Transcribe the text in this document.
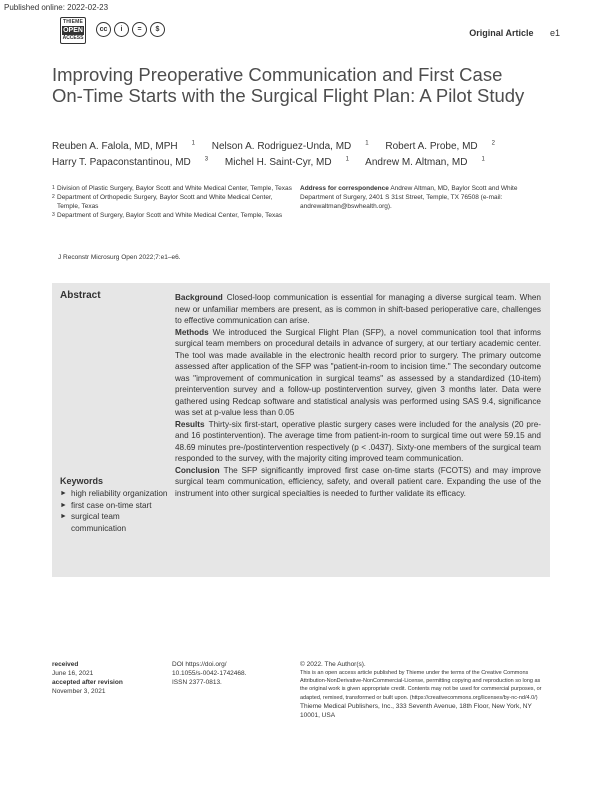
Published online: 2022-02-23
THIEME
OPEN
ACCESS
cc	i	=	$	Original Article e1
Improving Preoperative Communication and First Case On-Time Starts with the Surgical Flight Plan: A Pilot Study
Reuben A. Falola, MD, MPH $^1$ Nelson A. Rodriguez-Unda, MD $^1$ Robert A. Probe, MD $^2$
Harry T. Papaconstantinou, MD $^3$ Michel H. Saint-Cyr, MD $^1$ Andrew M. Altman, MD $^1$
1 Division of Plastic Surgery, Baylor Scott and White Medical Center, Temple, Texas
2 Department of Orthopedic Surgery, Baylor Scott and White Medical Center, Temple, Texas
3 Department of Surgery, Baylor Scott and White Medical Center, Temple, Texas
Address for correspondence Andrew Altman, MD, Baylor Scott and White Department of Surgery, 2401 S 31st Street, Temple, TX 76508 (e-mail: andrewaltman@bswhealth.org).
J Reconstr Microsurg Open 2022;7:e1–e6.
Abstract	Background Closed-loop communication is essential for managing a diverse surgical team. When new or unfamiliar members are present, as is common in shift-based perioperative care, challenges to effective communication can arise.

Methods We introduced the Surgical Flight Plan (SFP), a novel communication tool that informs surgical team members on procedural details in advance of surgery, at our tertiary academic center. The tool was made available in the electronic health record prior to surgery. The primary outcome assessed after application of the SFP was "patient-in-room to incision time." The secondary outcome was "improvement of communication in surgical teams" as assessed by a standardized (10-item) preintervention survey and a follow-up postintervention survey, given 3 months later. Data were gathered using Redcap software and statistical analysis was performed using SAS 9.4, significance was set at p-value less than 0.05

Results Thirty-six first-start, operative plastic surgery cases were included for the analysis (20 pre- and 16 postintervention). The average time from patient-in-room to surgical time out were 59.15 and 48.69 minutes pre-/postintervention respectively (p < .0437). Sixty-one members of the surgical team responded to the survey, with the majority citing improved team communication.

Conclusion The SFP significantly improved first case on-time starts (FCOTS) and may improve surgical team communication, efficiency, safety, and overall patient care. Expanding the use of the instrument into other surgical specialties is needed to further validate its efficacy.

Keywords
► high reliability organization
► first case on-time start
► surgical team communication
received
June 16, 2021
accepted after revision
November 3, 2021
DOI https://doi.org/
10.1055/s-0042-1742468.
ISSN 2377-0813.
© 2022. The Author(s).
This is an open access article published by Thieme under the terms of the Creative Commons Attribution-NonDerivative-NonCommercial-License, permitting copying and reproduction so long as the original work is given appropriate credit. Contents may not be used for commercial purposes, or adapted, remixed, transformed or built upon. (https://creativecommons.org/licenses/by-nc-nd/4.0/)
Thieme Medical Publishers, Inc., 333 Seventh Avenue, 18th Floor, New York, NY 10001, USA
